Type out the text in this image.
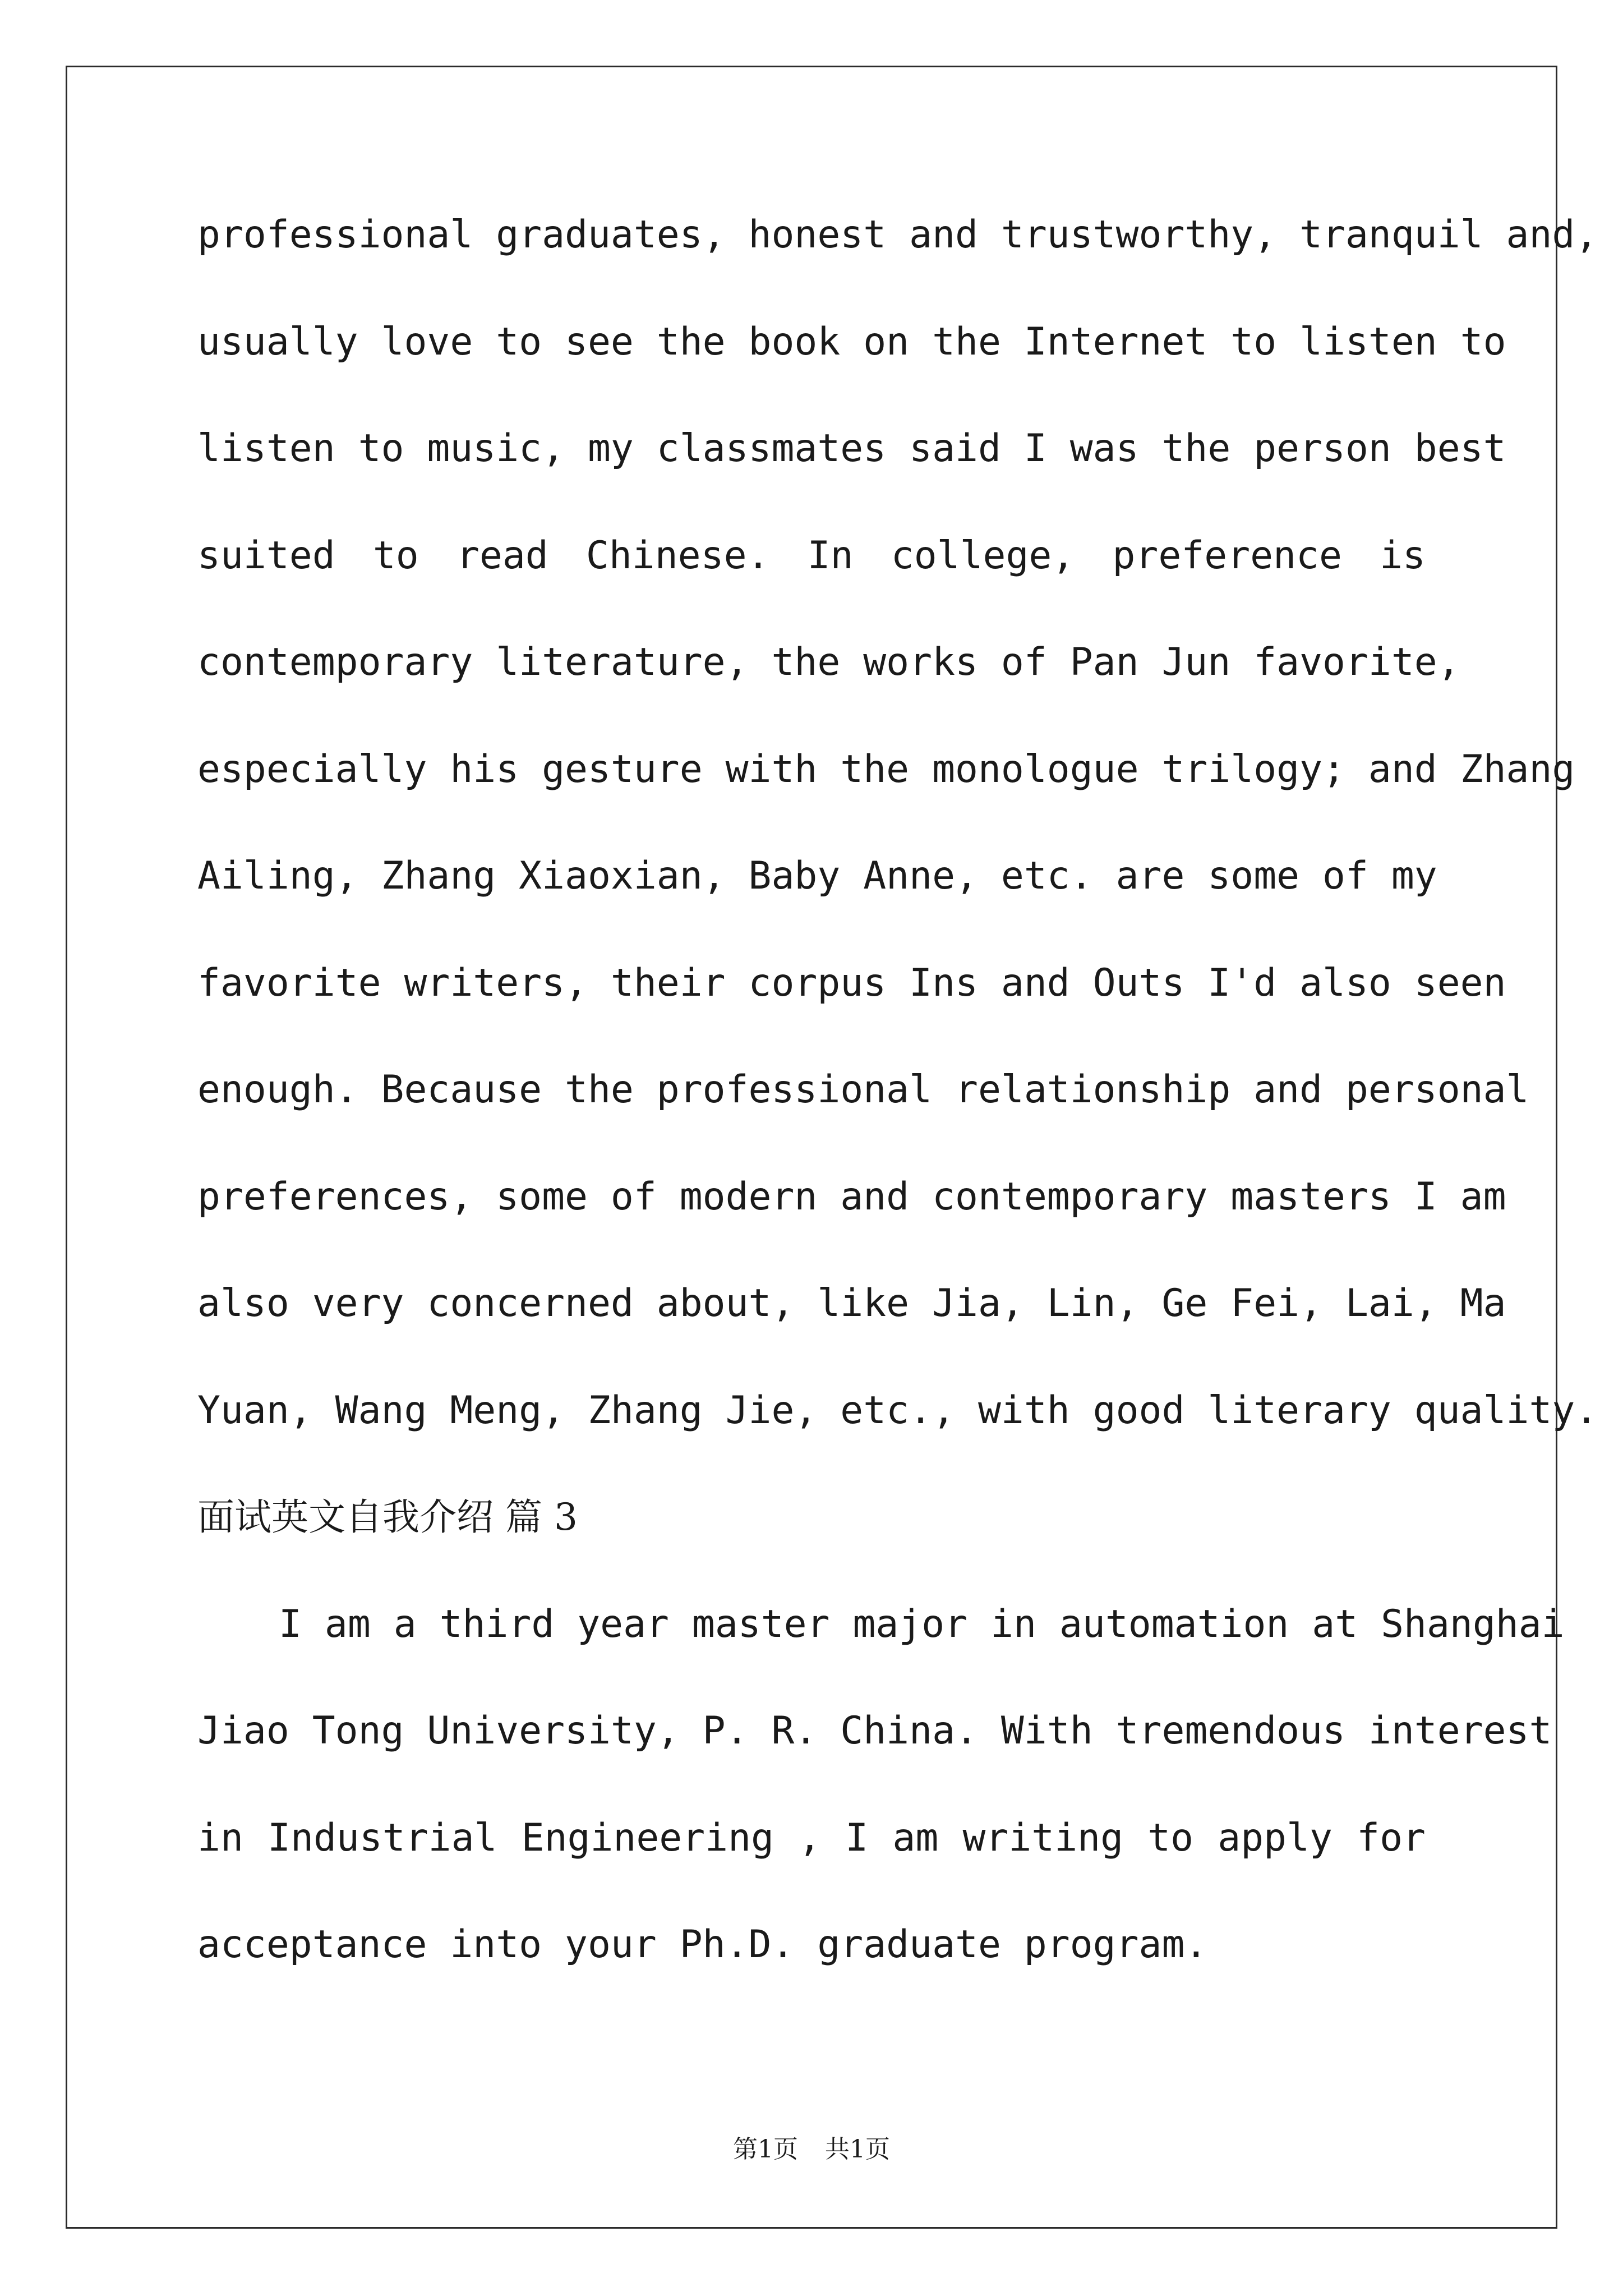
professional graduates, honest and trustworthy, tranquil and,
usually love to see the book on the Internet to listen to
listen to music, my classmates said I was the person best
suited to read Chinese. In college, preference is
contemporary literature, the works of Pan Jun favorite,
especially his gesture with the monologue trilogy; and Zhang
Ailing, Zhang Xiaoxian, Baby Anne, etc. are some of my
favorite writers, their corpus Ins and Outs I'd also seen
enough. Because the professional relationship and personal
preferences, some of modern and contemporary masters I am
also very concerned about, like Jia, Lin, Ge Fei, Lai, Ma
Yuan, Wang Meng, Zhang Jie, etc., with good literary quality.
面试英文自我介绍 篇 3
I am a third year master major in automation at Shanghai
Jiao Tong University, P. R. China. With tremendous interest
in Industrial Engineering , I am writing to apply for
acceptance into your Ph.D. graduate program.
第1页 共1页
